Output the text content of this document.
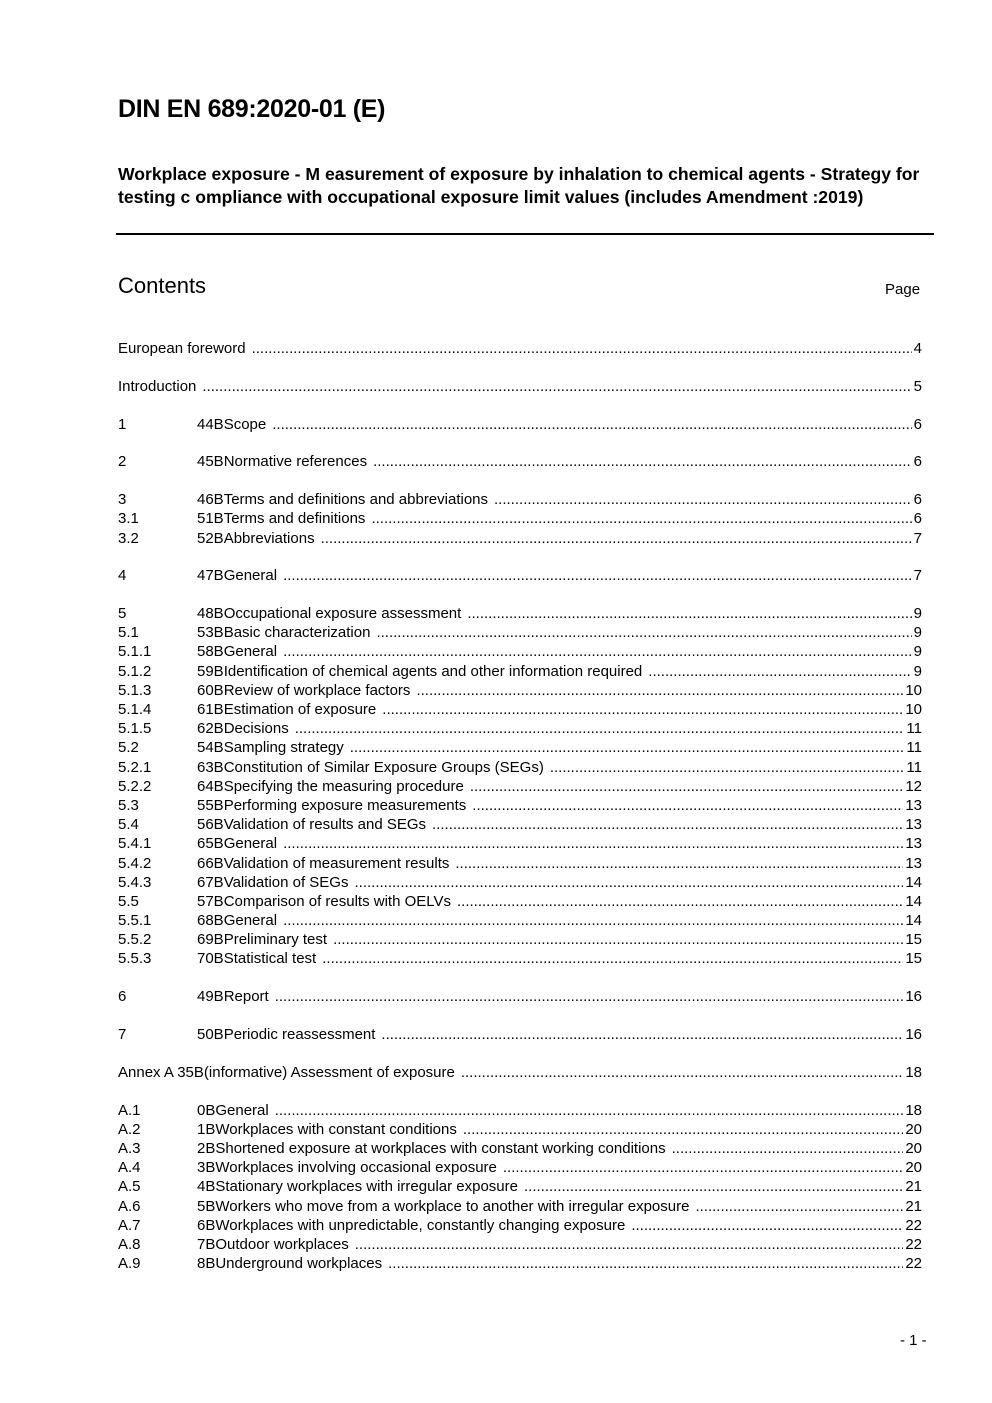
DIN EN 689:2020-01 (E)
Workplace exposure - M easurement of exposure by inhalation to chemical agents - Strategy for testing c ompliance with occupational exposure limit values (includes Amendment :2019)
Contents	Page
European foreword .....	4
Introduction .....	5
1	44BScope .....	6
2	45BNormative references .....	6
3	46BTerms and definitions and abbreviations .....	6
3.1	51BTerms and definitions .....	6
3.2	52BAbbreviations .....	7
4	47BGeneral .....	7
5	48BOccupational exposure assessment .....	9
5.1	53BBasic characterization .....	9
5.1.1	58BGeneral .....	9
5.1.2	59BIdentification of chemical agents and other information required .....	9
5.1.3	60BReview of workplace factors .....	10
5.1.4	61BEstimation of exposure .....	10
5.1.5	62BDecisions .....	11
5.2	54BSampling strategy .....	11
5.2.1	63BConstitution of Similar Exposure Groups (SEGs) .....	11
5.2.2	64BSpecifying the measuring procedure .....	12
5.3	55BPerforming exposure measurements .....	13
5.4	56BValidation of results and SEGs .....	13
5.4.1	65BGeneral .....	13
5.4.2	66BValidation of measurement results .....	13
5.4.3	67BValidation of SEGs .....	14
5.5	57BComparison of results with OELVs .....	14
5.5.1	68BGeneral .....	14
5.5.2	69BPreliminary test .....	15
5.5.3	70BStatistical test .....	15
6	49BReport .....	16
7	50BPeriodic reassessment .....	16
Annex A 35B(informative) Assessment of exposure .....	18
A.1	0BGeneral .....	18
A.2	1BWorkplaces with constant conditions .....	20
A.3	2BShortened exposure at workplaces with constant working conditions .....	20
A.4	3BWorkplaces involving occasional exposure .....	20
A.5	4BStationary workplaces with irregular exposure .....	21
A.6	5BWorkers who move from a workplace to another with irregular exposure .....	21
A.7	6BWorkplaces with unpredictable, constantly changing exposure .....	22
A.8	7BOutdoor workplaces .....	22
A.9	8BUnderground workplaces .....	22
- 1 -
